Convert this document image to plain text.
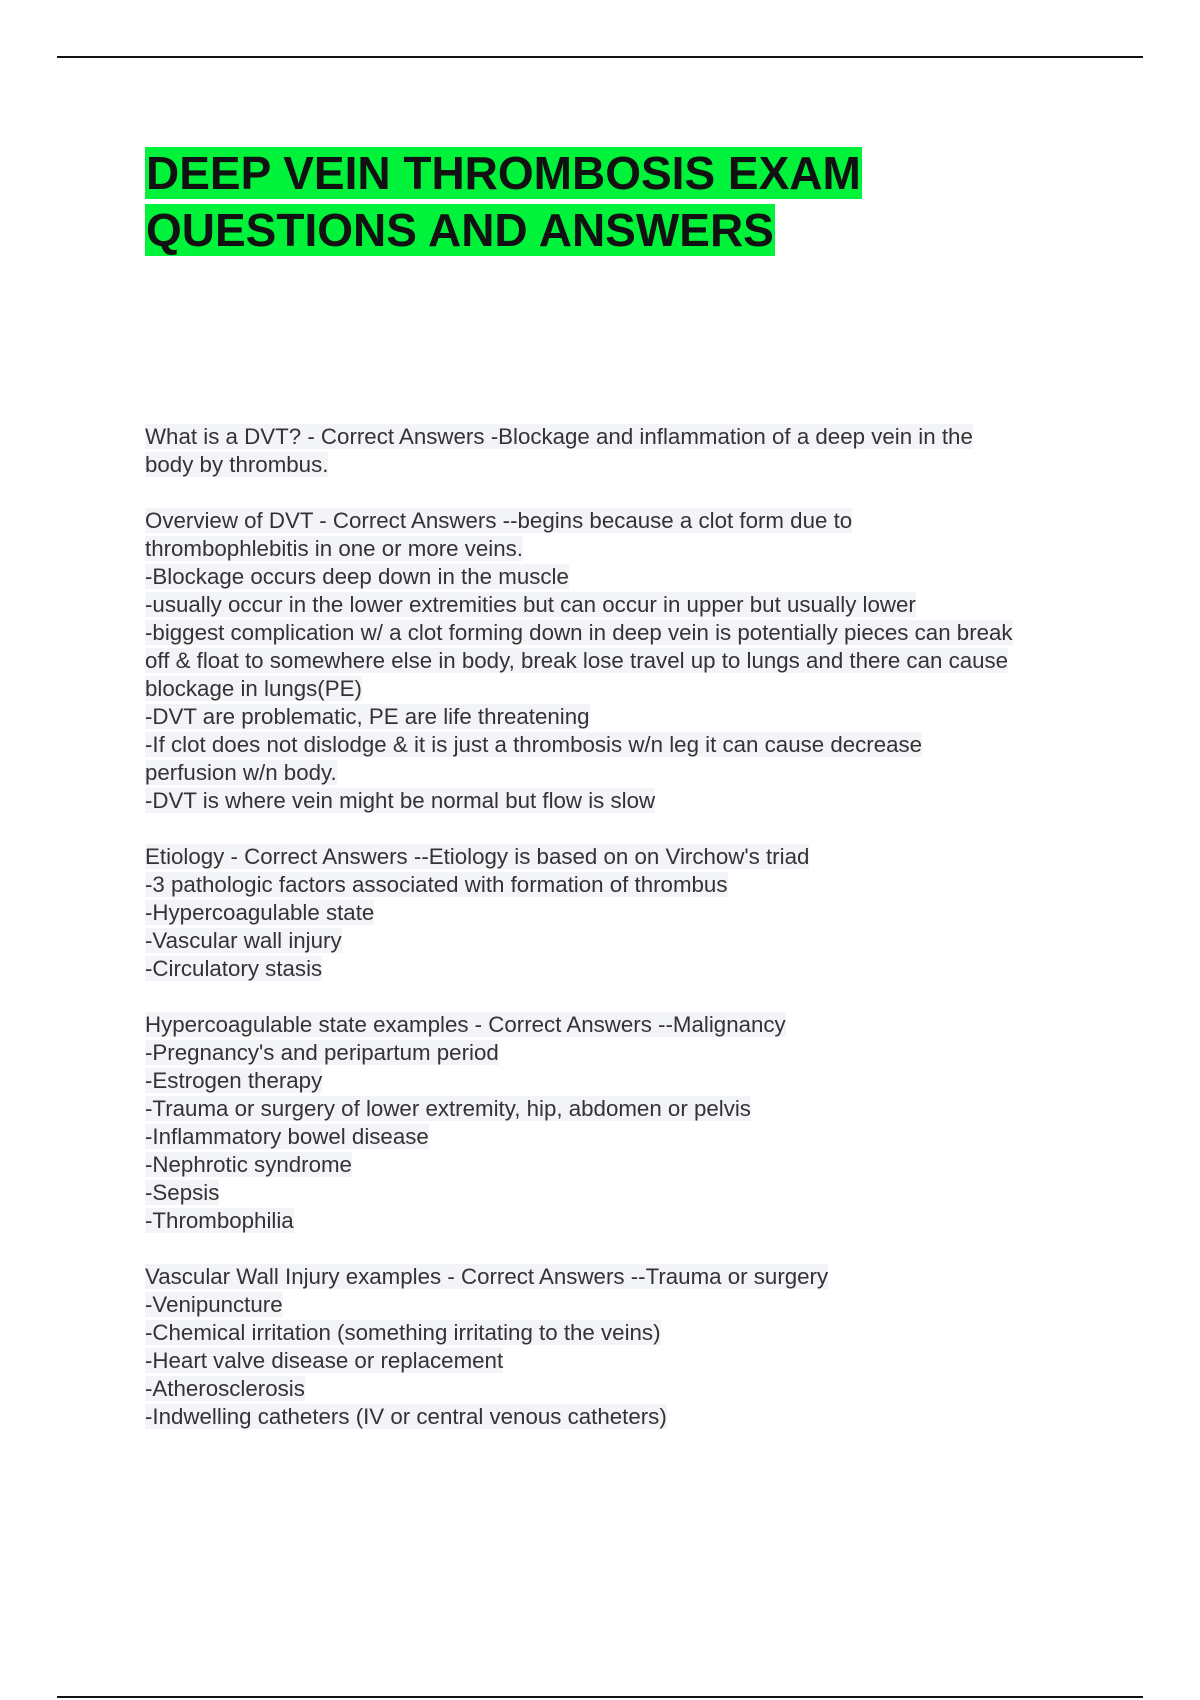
DEEP VEIN THROMBOSIS EXAM
QUESTIONS AND ANSWERS
What is a DVT? - Correct Answers -Blockage and inflammation of a deep vein in the
body by thrombus.
Overview of DVT - Correct Answers --begins because a clot form due to
thrombophlebitis in one or more veins.
-Blockage occurs deep down in the muscle
-usually occur in the lower extremities but can occur in upper but usually lower
-biggest complication w/ a clot forming down in deep vein is potentially pieces can break
off & float to somewhere else in body, break lose travel up to lungs and there can cause
blockage in lungs(PE)
-DVT are problematic, PE are life threatening
-If clot does not dislodge & it is just a thrombosis w/n leg it can cause decrease
perfusion w/n body.
-DVT is where vein might be normal but flow is slow
Etiology - Correct Answers --Etiology is based on on Virchow's triad
-3 pathologic factors associated with formation of thrombus
-Hypercoagulable state
-Vascular wall injury
-Circulatory stasis
Hypercoagulable state examples - Correct Answers --Malignancy
-Pregnancy's and peripartum period
-Estrogen therapy
-Trauma or surgery of lower extremity, hip, abdomen or pelvis
-Inflammatory bowel disease
-Nephrotic syndrome
-Sepsis
-Thrombophilia
Vascular Wall Injury examples - Correct Answers --Trauma or surgery
-Venipuncture
-Chemical irritation (something irritating to the veins)
-Heart valve disease or replacement
-Atherosclerosis
-Indwelling catheters (IV or central venous catheters)
